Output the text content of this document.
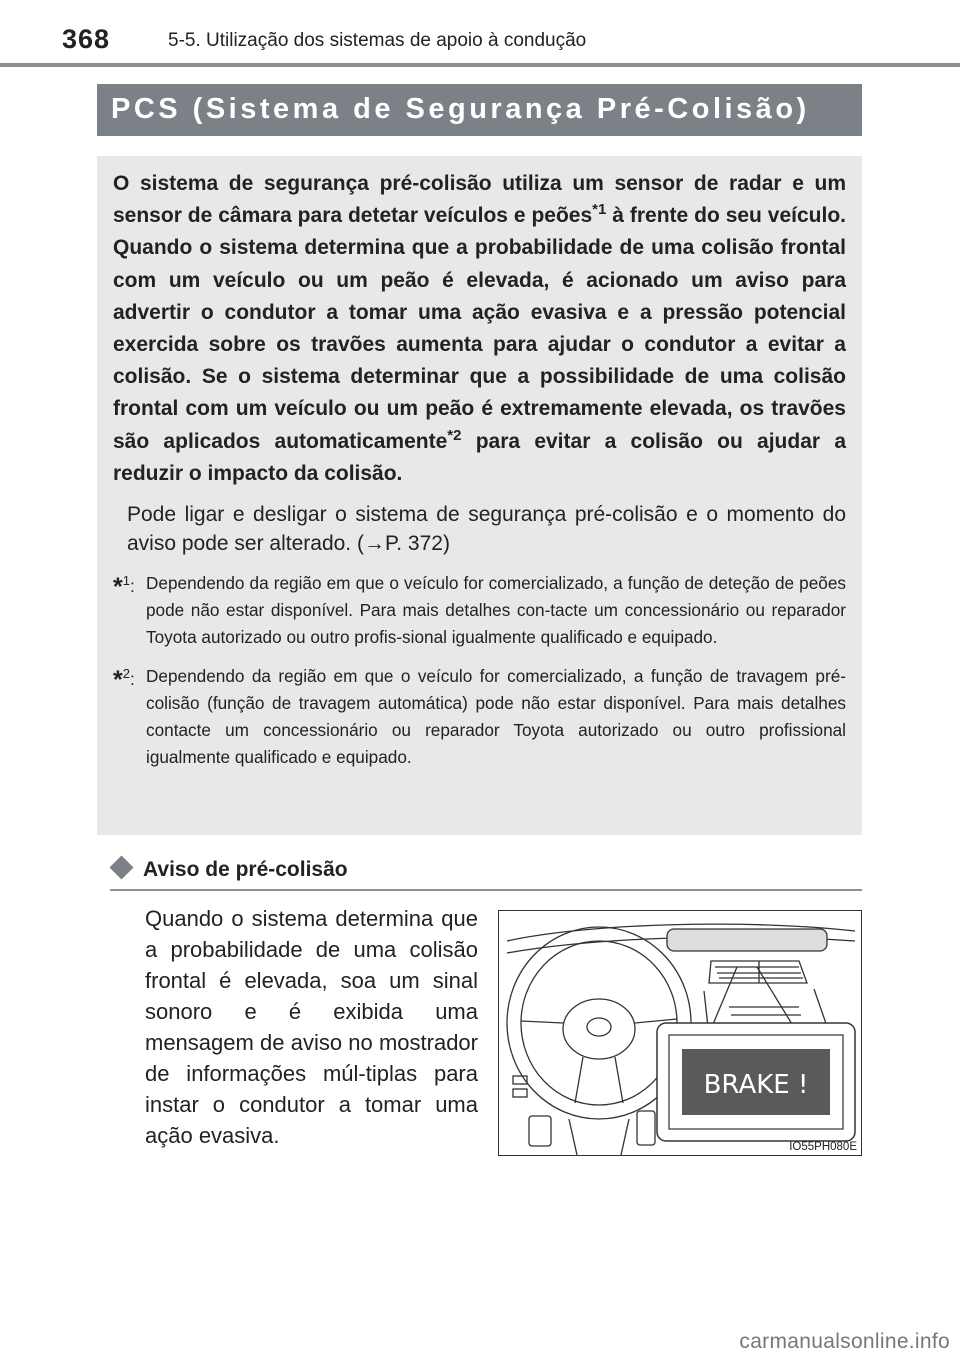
368	5-5. Utilização dos sistemas de apoio à condução
PCS (Sistema de Segurança Pré-Colisão)

O sistema de segurança pré-colisão utiliza um sensor de radar e um sensor de câmara para detetar veículos e peões$^{*1}$ à frente do seu veículo. Quando o sistema determina que a probabilidade de uma colisão frontal com um veículo ou um peão é elevada, é acionado um aviso para advertir o condutor a tomar uma ação evasiva e a pressão potencial exercida sobre os travões aumenta para ajudar o condutor a evitar a colisão. Se o sistema determinar que a possibilidade de uma colisão frontal com um veículo ou um peão é extremamente elevada, os travões são aplicados automaticamente$^{*2}$ para evitar a colisão ou ajudar a reduzir o impacto da colisão.

Pode ligar e desligar o sistema de segurança pré-colisão e o momento do aviso pode ser alterado. (→P. 372)

*$^1$: Dependendo da região em que o veículo for comercializado, a função de deteção de peões pode não estar disponível. Para mais detalhes con-tacte um concessionário ou reparador Toyota autorizado ou outro profis-sional igualmente qualificado e equipado.
*$^2$: Dependendo da região em que o veículo for comercializado, a função de travagem pré-colisão (função de travagem automática) pode não estar disponível. Para mais detalhes contacte um concessionário ou reparador Toyota autorizado ou outro profissional igualmente qualificado e equipado.
Aviso de pré-colisão

Quando o sistema determina que a probabilidade de uma colisão frontal é elevada, soa um sinal sonoro e é exibida uma mensagem de aviso no mostrador de informações múl-tiplas para instar o condutor a tomar uma ação evasiva.

BRAKE !
IO55PH080E
carmanualsonline.info
